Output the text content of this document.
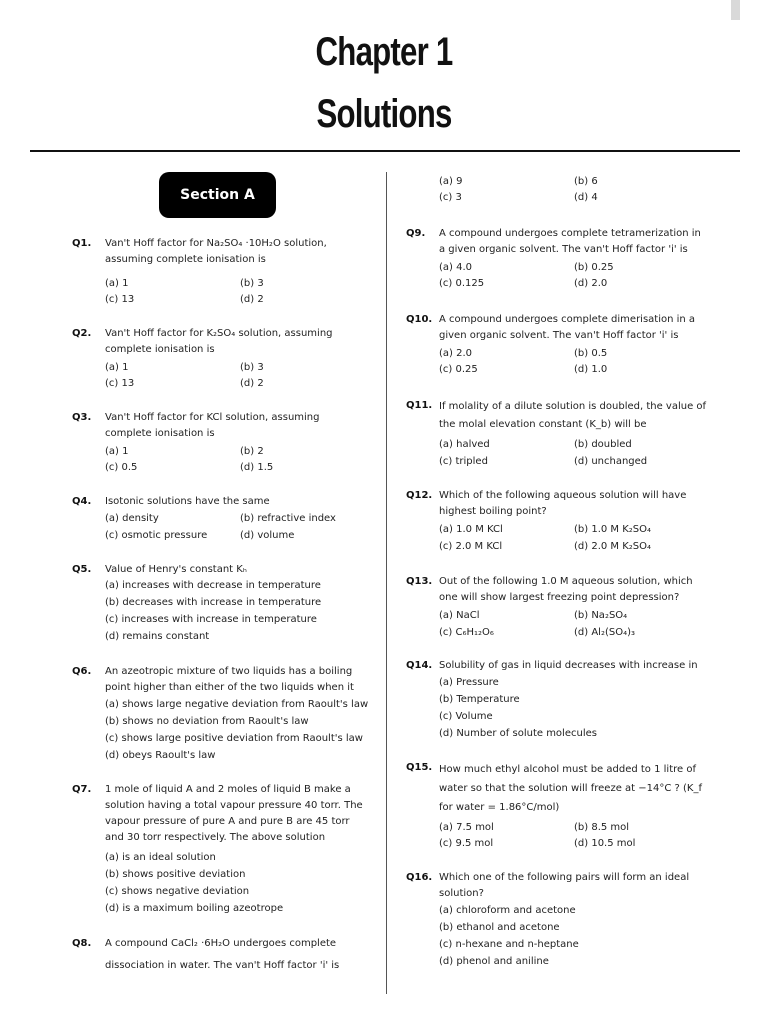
Chapter 1
Solutions
Section A
Q1. Van't Hoff factor for Na₂SO₄ ·10H₂O solution, assuming complete ionisation is
(a) 1	(b) 3
(c) 13	(d) 2
Q2. Van't Hoff factor for K₂SO₄ solution, assuming complete ionisation is
(a) 1	(b) 3
(c) 13	(d) 2
Q3. Van't Hoff factor for KCl solution, assuming complete ionisation is
(a) 1	(b) 2
(c) 0.5	(d) 1.5
Q4. Isotonic solutions have the same
(a) density	(b) refractive index
(c) osmotic pressure	(d) volume
Q5. Value of Henry's constant Kₕ
(a) increases with decrease in temperature
(b) decreases with increase in temperature
(c) increases with increase in temperature
(d) remains constant
Q6. An azeotropic mixture of two liquids has a boiling point higher than either of the two liquids when it
(a) shows large negative deviation from Raoult's law
(b) shows no deviation from Raoult's law
(c) shows large positive deviation from Raoult's law
(d) obeys Raoult's law
Q7. 1 mole of liquid A and 2 moles of liquid B make a solution having a total vapour pressure 40 torr. The vapour pressure of pure A and pure B are 45 torr and 30 torr respectively. The above solution
(a) is an ideal solution
(b) shows positive deviation
(c) shows negative deviation
(d) is a maximum boiling azeotrope
Q8. A compound CaCl₂ ·6H₂O undergoes complete dissociation in water. The van't Hoff factor 'i' is
(a) 9	(b) 6
(c) 3	(d) 4
Q9. A compound undergoes complete tetramerization in a given organic solvent. The van't Hoff factor 'i' is
(a) 4.0	(b) 0.25
(c) 0.125	(d) 2.0
Q10. A compound undergoes complete dimerisation in a given organic solvent. The van't Hoff factor 'i' is
(a) 2.0	(b) 0.5
(c) 0.25	(d) 1.0
Q11. If molality of a dilute solution is doubled, the value of the molal elevation constant (K_b) will be
(a) halved	(b) doubled
(c) tripled	(d) unchanged
Q12. Which of the following aqueous solution will have highest boiling point?
(a) 1.0 M KCl	(b) 1.0 M K₂SO₄
(c) 2.0 M KCl	(d) 2.0 M K₂SO₄
Q13. Out of the following 1.0 M aqueous solution, which one will show largest freezing point depression?
(a) NaCl	(b) Na₂SO₄
(c) C₆H₁₂O₆	(d) Al₂(SO₄)₃
Q14. Solubility of gas in liquid decreases with increase in
(a) Pressure
(b) Temperature
(c) Volume
(d) Number of solute molecules
Q15. How much ethyl alcohol must be added to 1 litre of water so that the solution will freeze at −14°C ? (K_f for water = 1.86°C/mol)
(a) 7.5 mol	(b) 8.5 mol
(c) 9.5 mol	(d) 10.5 mol
Q16. Which one of the following pairs will form an ideal solution?
(a) chloroform and acetone
(b) ethanol and acetone
(c) n-hexane and n-heptane
(d) phenol and aniline
